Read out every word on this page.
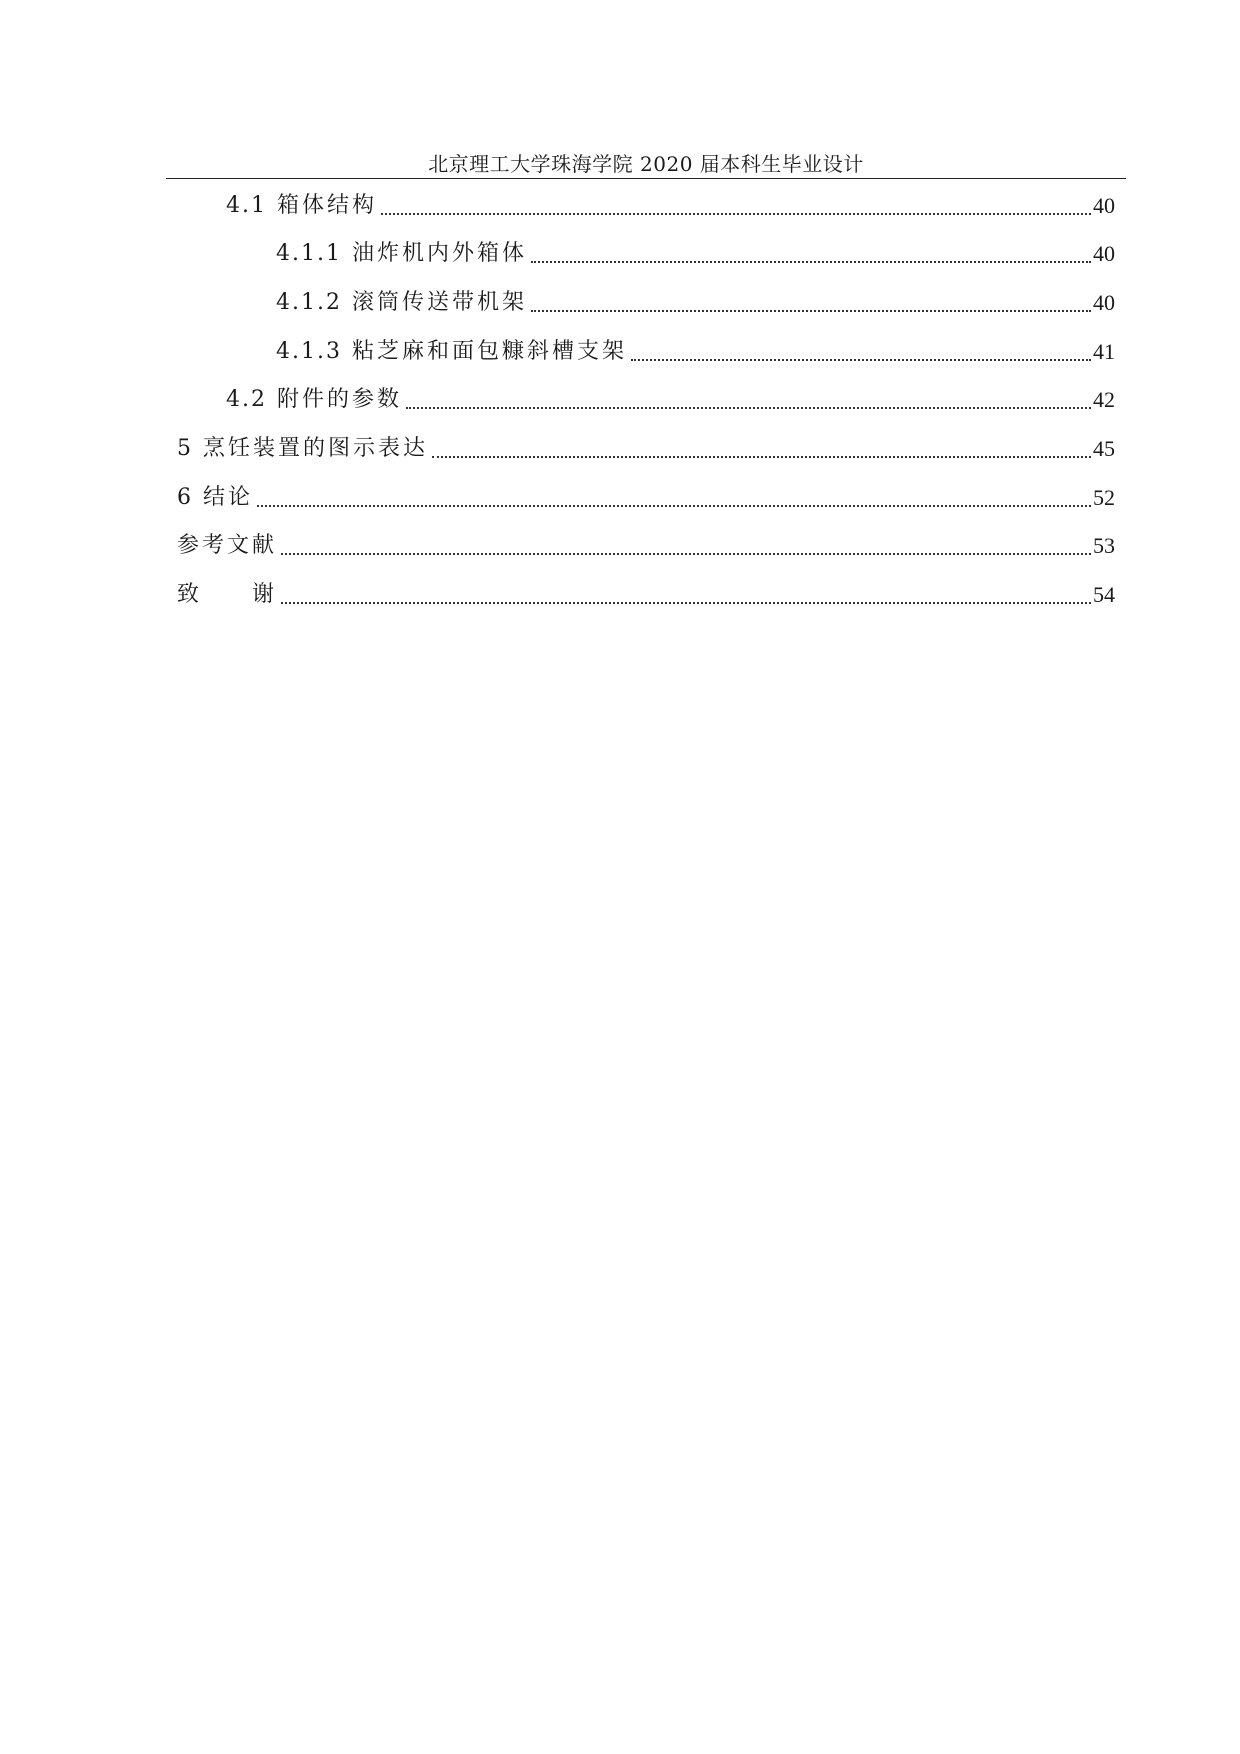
北京理工大学珠海学院 2020 届本科生毕业设计
4.1 箱体结构	40
4.1.1 油炸机内外箱体	40
4.1.2 滚筒传送带机架	40
4.1.3 粘芝麻和面包糠斜槽支架	41
4.2 附件的参数	42
5 烹饪装置的图示表达	45
6 结论	52
参考文献	53
致　　谢	54
